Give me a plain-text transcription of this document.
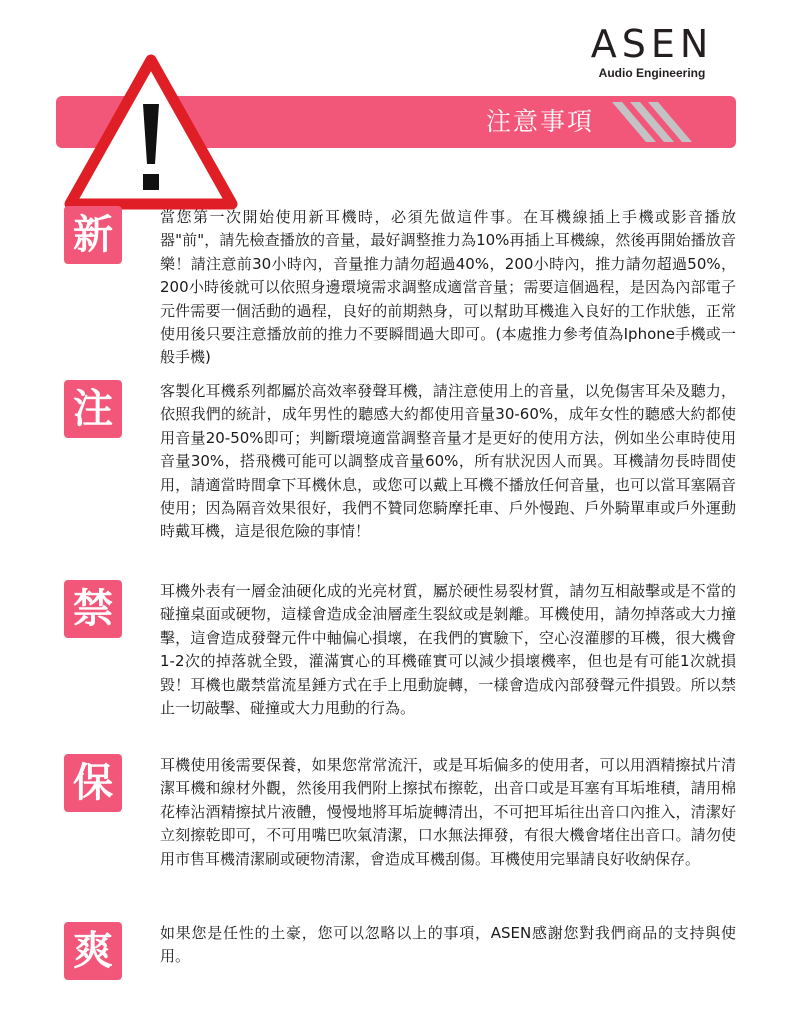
ASEN
Audio Engineering
注意事項
新	當您第一次開始使用新耳機時，必須先做這件事。在耳機線插上手機或影音播放器"前"，請先檢查播放的音量，最好調整推力為10%再插上耳機線，然後再開始播放音樂！請注意前30小時內，音量推力請勿超過40%，200小時內，推力請勿超過50%，200小時後就可以依照身邊環境需求調整成適當音量；需要這個過程，是因為內部電子元件需要一個活動的過程，良好的前期熱身，可以幫助耳機進入良好的工作狀態，正常使用後只要注意播放前的推力不要瞬間過大即可。(本處推力參考值為Iphone手機或一般手機)
注	客製化耳機系列都屬於高效率發聲耳機，請注意使用上的音量，以免傷害耳朵及聽力，依照我們的統計，成年男性的聽感大約都使用音量30-60%，成年女性的聽感大約都使用音量20-50%即可；判斷環境適當調整音量才是更好的使用方法，例如坐公車時使用音量30%，搭飛機可能可以調整成音量60%，所有狀況因人而異。耳機請勿長時間使用，請適當時間拿下耳機休息，或您可以戴上耳機不播放任何音量，也可以當耳塞隔音使用；因為隔音效果很好，我們不贊同您騎摩托車、戶外慢跑、戶外騎單車或戶外運動時戴耳機，這是很危險的事情！
禁	耳機外表有一層金油硬化成的光亮材質，屬於硬性易裂材質，請勿互相敲擊或是不當的碰撞桌面或硬物，這樣會造成金油層產生裂紋或是剝離。耳機使用，請勿掉落或大力撞擊，這會造成發聲元件中軸偏心損壞，在我們的實驗下，空心沒灌膠的耳機，很大機會1-2次的掉落就全毀，灌滿實心的耳機確實可以減少損壞機率，但也是有可能1次就損毀！耳機也嚴禁當流星錘方式在手上甩動旋轉，一樣會造成內部發聲元件損毀。所以禁止一切敲擊、碰撞或大力甩動的行為。
保	耳機使用後需要保養，如果您常常流汗，或是耳垢偏多的使用者，可以用酒精擦拭片清潔耳機和線材外觀，然後用我們附上擦拭布擦乾，出音口或是耳塞有耳垢堆積，請用棉花棒沾酒精擦拭片液體，慢慢地將耳垢旋轉清出，不可把耳垢往出音口內推入，清潔好立刻擦乾即可，不可用嘴巴吹氣清潔，口水無法揮發，有很大機會堵住出音口。請勿使用市售耳機清潔刷或硬物清潔，會造成耳機刮傷。耳機使用完畢請良好收納保存。
爽	如果您是任性的土豪，您可以忽略以上的事項，ASEN感謝您對我們商品的支持與使用。
